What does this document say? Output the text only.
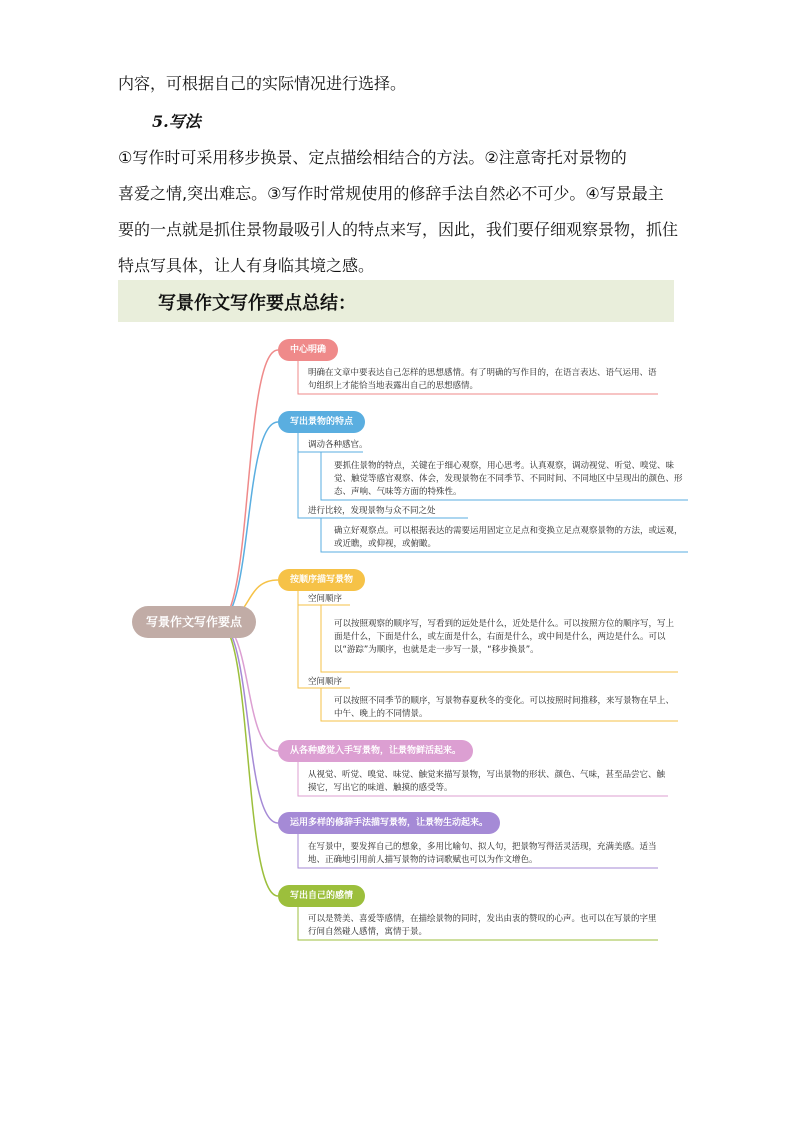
内容，可根据自己的实际情况进行选择。

5.写法

①写作时可采用移步换景、定点描绘相结合的方法。②注意寄托对景物的

喜爱之情,突出难忘。③写作时常规使用的修辞手法自然必不可少。④写景最主

要的一点就是抓住景物最吸引人的特点来写，因此，我们要仔细观察景物，抓住

特点写具体，让人有身临其境之感。

写景作文写作要点总结：
写景作文写作要点
中心明确
明确在文章中要表达自己怎样的思想感情。有了明确的写作目的，在语言表达、语气运用、语句组织上才能恰当地表露出自己的思想感情。
写出景物的特点
调动各种感官。
要抓住景物的特点，关键在于细心观察，用心思考。认真观察，调动视觉、听觉、嗅觉、味觉、触觉等感官观察、体会，发现景物在不同季节、不同时间、不同地区中呈现出的颜色、形态、声响、气味等方面的特殊性。
进行比较，发现景物与众不同之处
确立好观察点。可以根据表达的需要运用固定立足点和变换立足点观察景物的方法，或远观，或近瞧，或仰视，或俯瞰。
按顺序描写景物
空间顺序
可以按照观察的顺序写，写看到的远处是什么，近处是什么。可以按照方位的顺序写，写上面是什么，下面是什么，或左面是什么，右面是什么，或中间是什么，两边是什么。可以以“游踪”为顺序，也就是走一步写一景，“移步换景”。
空间顺序
可以按照不同季节的顺序，写景物春夏秋冬的变化。可以按照时间推移，来写景物在早上、中午、晚上的不同情景。
从各种感觉入手写景物，让景物鲜活起来。
从视觉、听觉、嗅觉、味觉、触觉来描写景物，写出景物的形状、颜色、气味，甚至品尝它、触摸它，写出它的味道、触摸的感受等。
运用多样的修辞手法描写景物，让景物生动起来。
在写景中，要发挥自己的想象，多用比喻句、拟人句，把景物写得活灵活现，充满美感。适当地、正确地引用前人描写景物的诗词歌赋也可以为作文增色。
写出自己的感情
可以是赞美、喜爱等感情，在描绘景物的同时，发出由衷的赞叹的心声。也可以在写景的字里行间自然碰人感情，寓情于景。
